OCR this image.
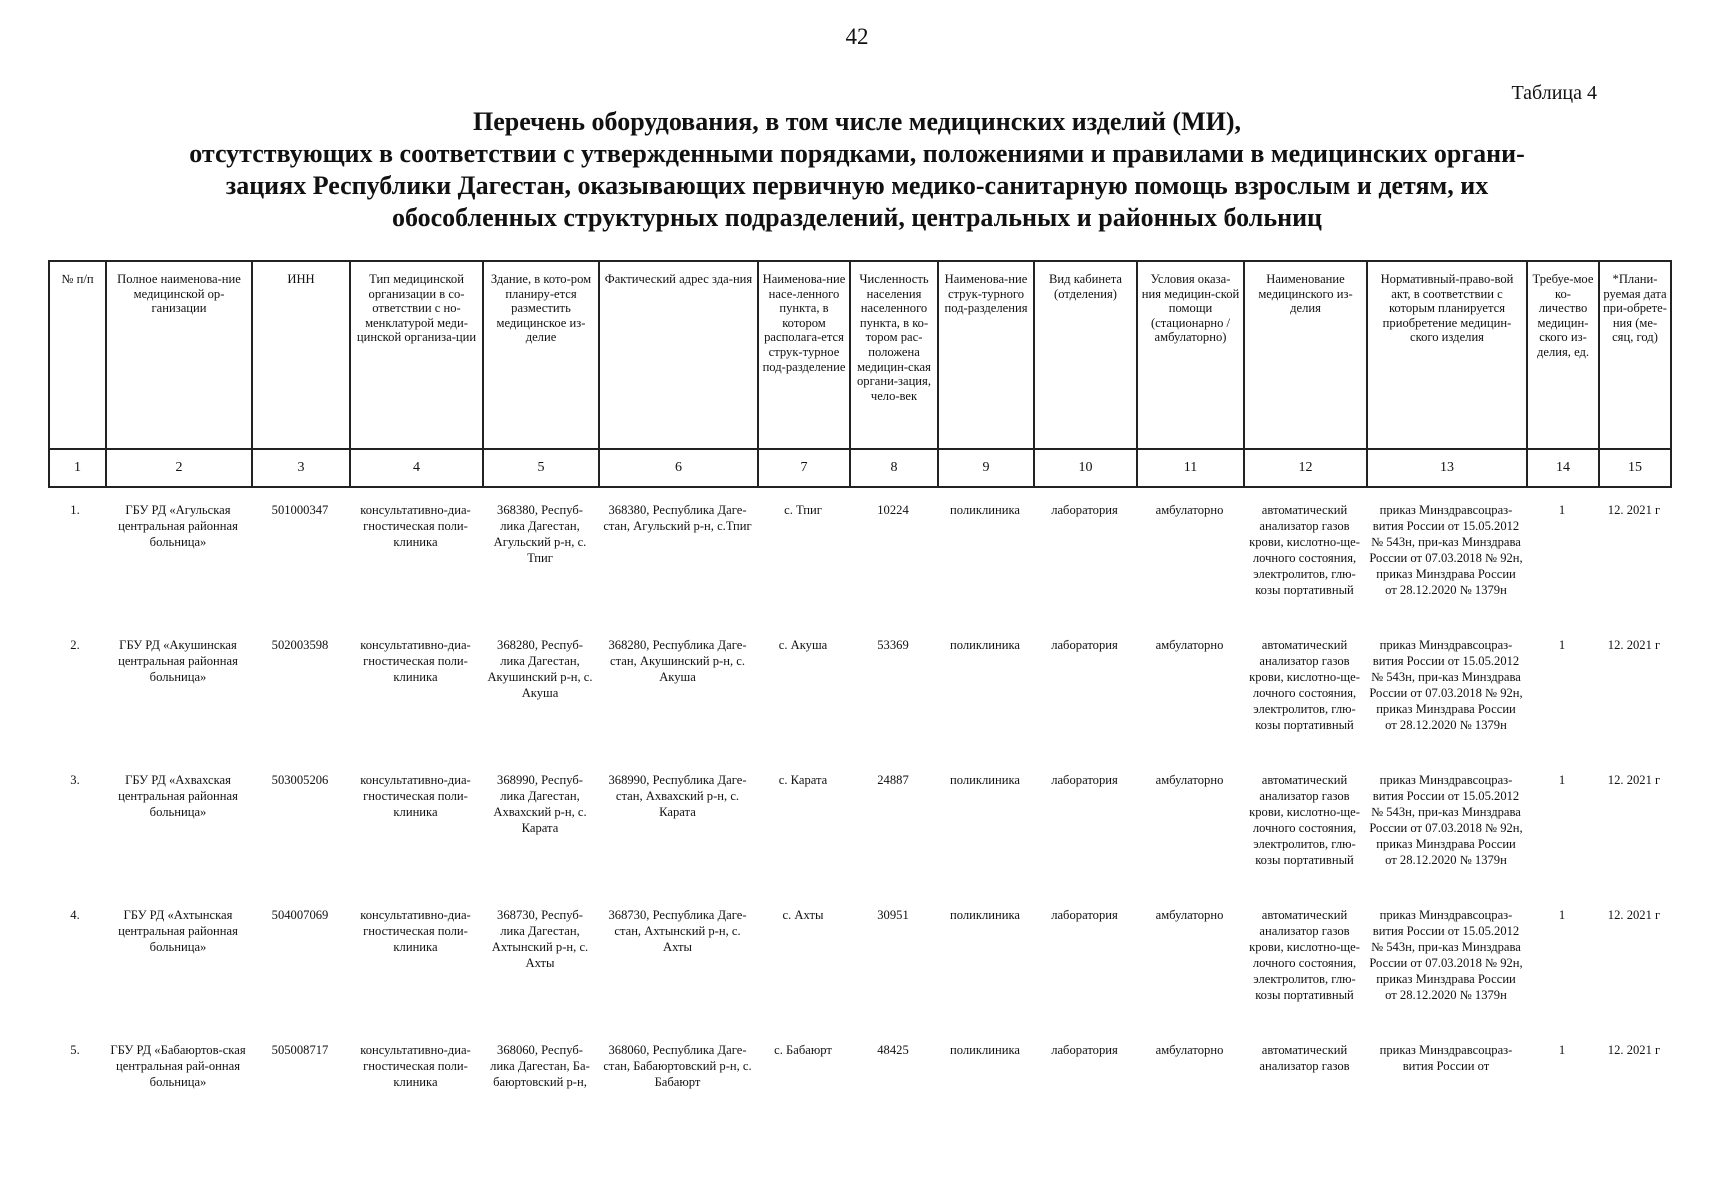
42
Таблица 4
Перечень оборудования, в том числе медицинских изделий (МИ),
отсутствующих в соответствии с утвержденными порядками, положениями и правилами в медицинских органи-
зациях Республики Дагестан, оказывающих первичную медико-санитарную помощь взрослым и детям, их
обособленных структурных подразделений, центральных и районных больниц
№ п/п	Полное наименова-ние медицинской ор-ганизации	ИНН	Тип медицинской организации в со-ответствии с но-менклатурой меди-цинской организа-ции	Здание, в кото-ром планиру-ется разместить медицинское из-делие	Фактический адрес зда-ния	Наименова-ние насе-ленного пункта, в котором располага-ется струк-турное под-разделение	Численность населения населенного пункта, в ко-тором рас-положена медицин-ская органи-зация, чело-век	Наименова-ние струк-турного под-разделения	Вид кабинета (отделения)	Условия оказа-ния медицин-ской помощи (стационарно / амбулаторно)	Наименование медицинского из-делия	Нормативный-право-вой акт, в соответствии с которым планируется приобретение медицин-ского изделия	Требуе-мое ко-личество медицин-ского из-делия, ед.	*Плани-руемая дата при-обрете-ния (ме-сяц, год)
1	2	3	4	5	6	7	8	9	10	11	12	13	14	15
1.	ГБУ РД «Агульская центральная районная больница»	501000347	консультативно-диа-гностическая поли-клиника	368380, Респуб-лика Дагестан, Агульский р-н, с. Тпиг	368380, Республика Даге-стан, Агульский р-н, с.Тпиг	с. Тпиг	10224	поликлиника	лаборатория	амбулаторно	автоматический анализатор газов крови, кислотно-ще-лочного состояния, электролитов, глю-козы портативный	приказ Минздравсоцраз-вития России от 15.05.2012 № 543н, при-каз Минздрава России от 07.03.2018 № 92н, приказ Минздрава России от 28.12.2020 № 1379н	1	12. 2021 г
2.	ГБУ РД «Акушинская центральная районная больница»	502003598	консультативно-диа-гностическая поли-клиника	368280, Респуб-лика Дагестан, Акушинский р-н, с. Акуша	368280, Республика Даге-стан, Акушинский р-н, с. Акуша	с. Акуша	53369	поликлиника	лаборатория	амбулаторно	автоматический анализатор газов крови, кислотно-ще-лочного состояния, электролитов, глю-козы портативный	приказ Минздравсоцраз-вития России от 15.05.2012 № 543н, при-каз Минздрава России от 07.03.2018 № 92н, приказ Минздрава России от 28.12.2020 № 1379н	1	12. 2021 г
3.	ГБУ РД «Ахвахская центральная районная больница»	503005206	консультативно-диа-гностическая поли-клиника	368990, Респуб-лика Дагестан, Ахвахский р-н, с. Карата	368990, Республика Даге-стан, Ахвахский р-н, с. Карата	с. Карата	24887	поликлиника	лаборатория	амбулаторно	автоматический анализатор газов крови, кислотно-ще-лочного состояния, электролитов, глю-козы портативный	приказ Минздравсоцраз-вития России от 15.05.2012 № 543н, при-каз Минздрава России от 07.03.2018 № 92н, приказ Минздрава России от 28.12.2020 № 1379н	1	12. 2021 г
4.	ГБУ РД «Ахтынская центральная районная больница»	504007069	консультативно-диа-гностическая поли-клиника	368730, Респуб-лика Дагестан, Ахтынский р-н, с. Ахты	368730, Республика Даге-стан, Ахтынский р-н, с. Ахты	с. Ахты	30951	поликлиника	лаборатория	амбулаторно	автоматический анализатор газов крови, кислотно-ще-лочного состояния, электролитов, глю-козы портативный	приказ Минздравсоцраз-вития России от 15.05.2012 № 543н, при-каз Минздрава России от 07.03.2018 № 92н, приказ Минздрава России от 28.12.2020 № 1379н	1	12. 2021 г
5.	ГБУ РД «Бабаюртов-ская центральная рай-онная больница»	505008717	консультативно-диа-гностическая поли-клиника	368060, Респуб-лика Дагестан, Ба-баюртовский р-н,	368060, Республика Даге-стан, Бабаюртовский р-н, с. Бабаюрт	с. Бабаюрт	48425	поликлиника	лаборатория	амбулаторно	автоматический анализатор газов	приказ Минздравсоцраз-вития России от	1	12. 2021 г
